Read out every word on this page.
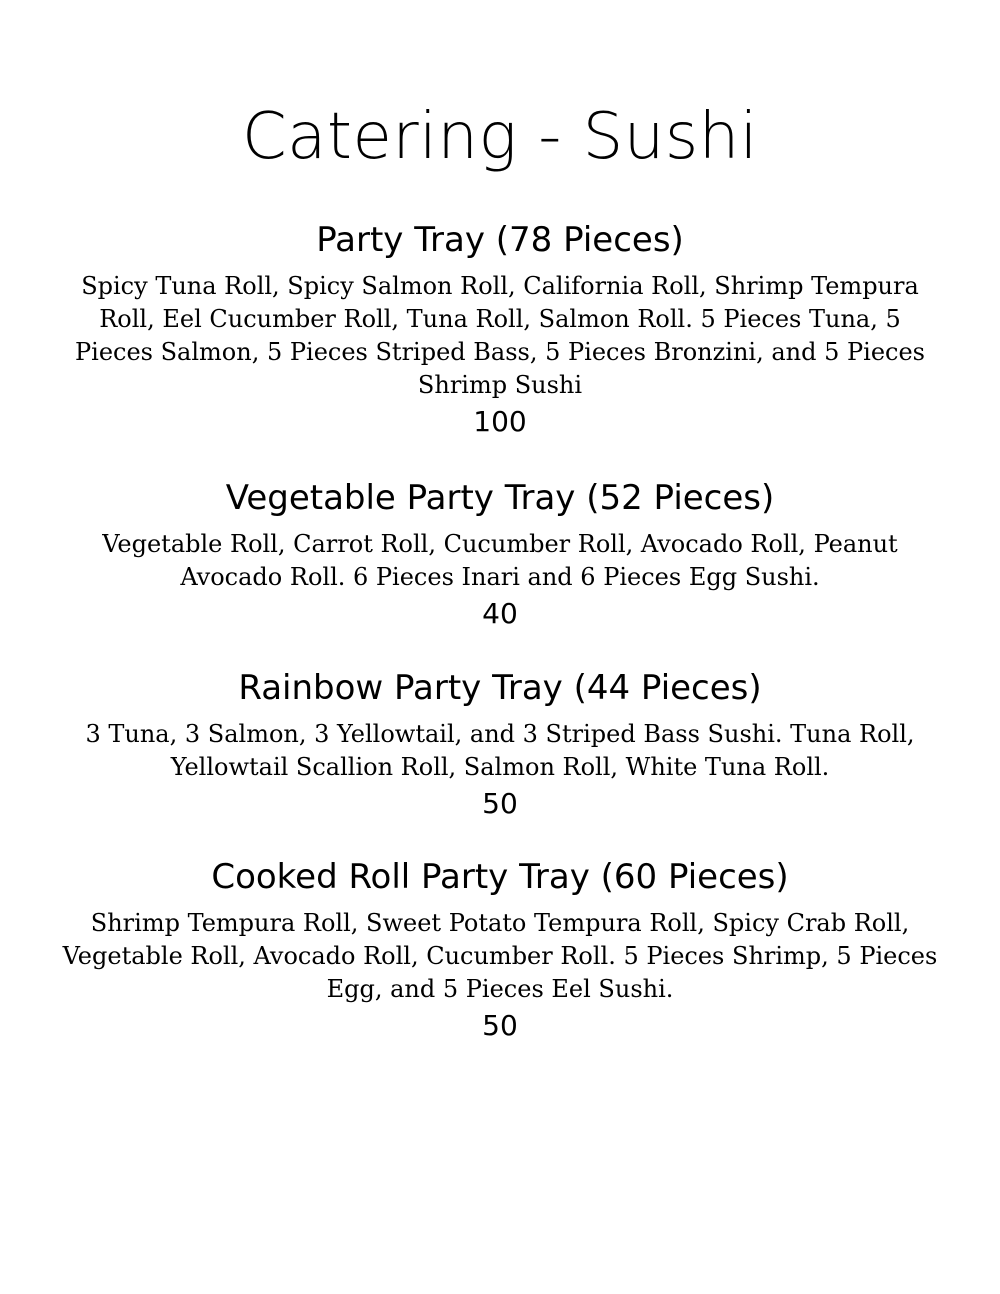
Catering - Sushi

Party Tray (78 Pieces)

Spicy Tuna Roll, Spicy Salmon Roll, California Roll, Shrimp Tempura Roll, Eel Cucumber Roll, Tuna Roll, Salmon Roll. 5 Pieces Tuna, 5 Pieces Salmon, 5 Pieces Striped Bass, 5 Pieces Bronzini, and 5 Pieces Shrimp Sushi

100

Vegetable Party Tray (52 Pieces)

Vegetable Roll, Carrot Roll, Cucumber Roll, Avocado Roll, Peanut Avocado Roll. 6 Pieces Inari and 6 Pieces Egg Sushi.

40

Rainbow Party Tray (44 Pieces)

3 Tuna, 3 Salmon, 3 Yellowtail, and 3 Striped Bass Sushi. Tuna Roll, Yellowtail Scallion Roll, Salmon Roll, White Tuna Roll.

50

Cooked Roll Party Tray (60 Pieces)

Shrimp Tempura Roll, Sweet Potato Tempura Roll, Spicy Crab Roll, Vegetable Roll, Avocado Roll, Cucumber Roll. 5 Pieces Shrimp, 5 Pieces Egg, and 5 Pieces Eel Sushi.

50
